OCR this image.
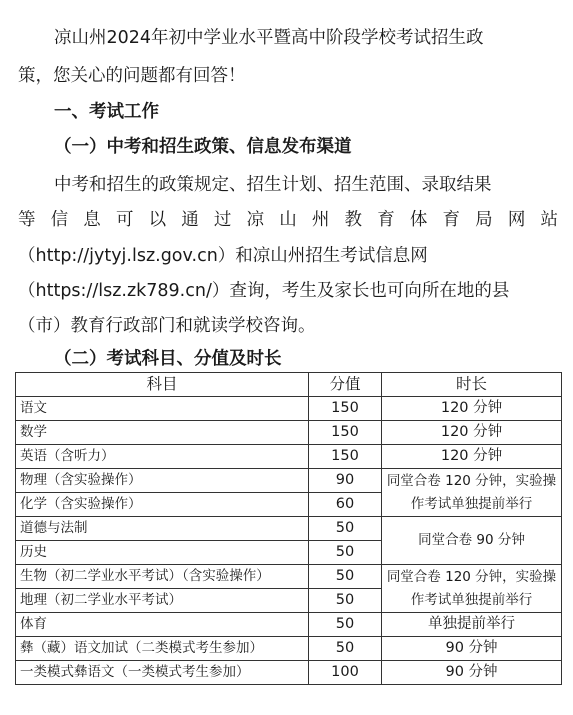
凉山州2024年初中学业水平暨高中阶段学校考试招生政
策，您关心的问题都有回答！
一、考试工作
（一）中考和招生政策、信息发布渠道
中考和招生的政策规定、招生计划、招生范围、录取结果
等信息可以通过凉山州教育体育局网站
（http://jytyj.lsz.gov.cn）和凉山州招生考试信息网
（https://lsz.zk789.cn/）查询，考生及家长也可向所在地的县
（市）教育行政部门和就读学校咨询。
（二）考试科目、分值及时长
科目	分值	时长
语文	150	120 分钟
数学	150	120 分钟
英语（含听力）	150	120 分钟
物理（含实验操作）	90	同堂合卷 120 分钟，实验操作考试单独提前举行
化学（含实验操作）	60	
道德与法制	50	同堂合卷 90 分钟
历史	50	
生物（初二学业水平考试）（含实验操作）	50	同堂合卷 120 分钟，实验操作考试单独提前举行
地理（初二学业水平考试）	50	
体育	50	单独提前举行
彝（藏）语文加试（二类模式考生参加）	50	90 分钟
一类模式彝语文（一类模式考生参加）	100	90 分钟
